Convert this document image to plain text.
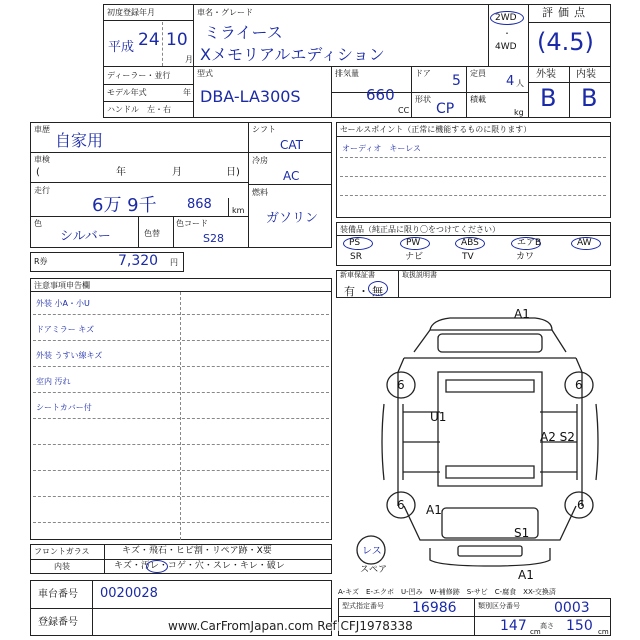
初度登録年月
平成 24 10
月
車名・グレード
ミライース
Xメモリアルエディション
2WD
・
4WD
評価点
(4.5)
外装 内装
B B
ディーラー・並行
モデル年式	年
ハンドル　左・右
型式
DBA-LA300S
排気量
660
CC
ドア 5 定員
4 人
形状
CP
積載
kg
車歴
自家用
車検
(	年	月	日)
走行
6万 9千 868	km
色
シルバー	色替
色コード
S28
シフト
CAT
冷房
AC
燃料
ガソリン
R券	7,320 円
セールスポイント（正常に機能するものに限ります）
オーディオ　キーレス
装備品（純正品に限り〇をつけてください）
PS	PW	ABS	エアB	AW
SR	ナビ	TV	カワ
新車保証書	取扱説明書
有 ・ 無
注意事項申告欄
外装 小A・小U
ドアミラー キズ
外装 うすい線キズ
室内 汚れ
シートカバー付
A1
6	6
U1
A2 S2
6 A1	6
S1
A1
レス
スペア
フロントガラス	キズ・飛石・ヒビ割・リペア跡・X要
内装	キズ・汚レ・コゲ・穴・スレ・キレ・破レ
A-キズ　E-エクボ　U-凹み　W-補修跡　S-サビ　C-腐食　XX-交換済
車台番号 0020028
登録番号
型式指定番号 16986	類別区分番号 0003
147 cm
高さ 150 cm
www.CarFromJapan.com Ref CFJ1978338
